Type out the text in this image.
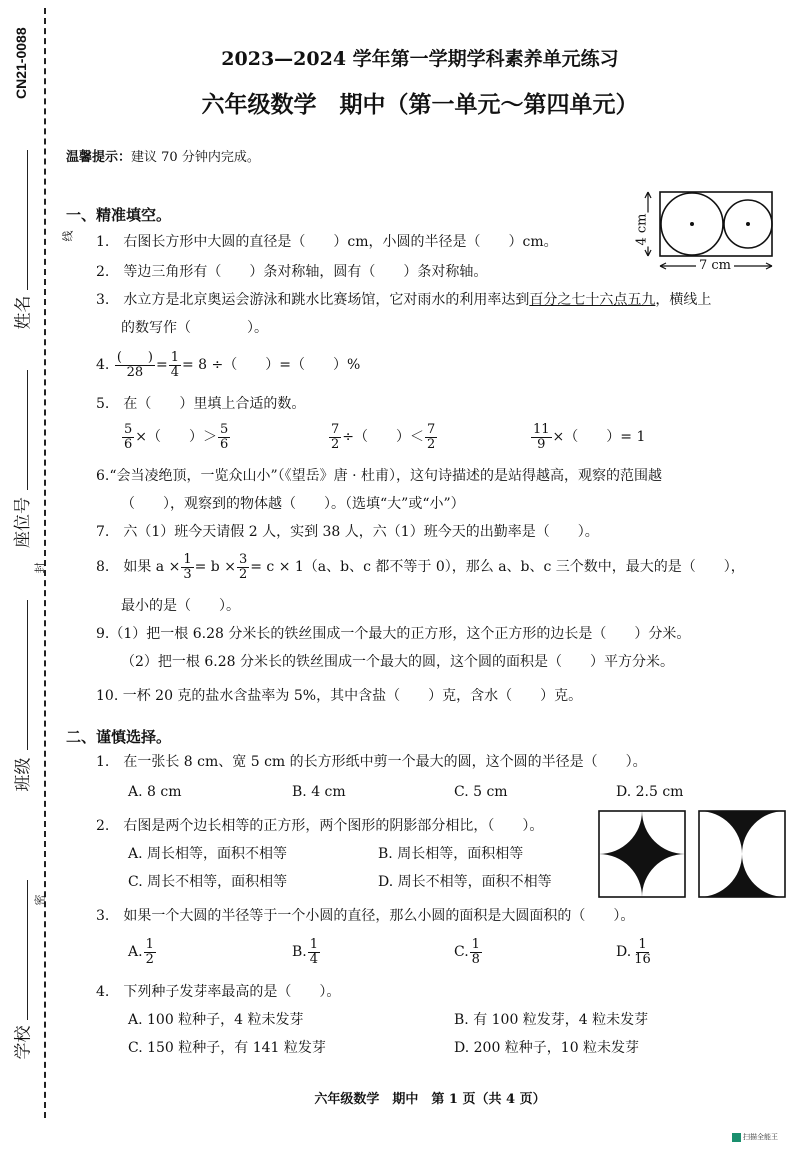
CN21-0088
姓名
座位号
班级
学校
线
封
密
2023—2024 学年第一学期学科素养单元练习
六年级数学　期中（第一单元～第四单元）
温馨提示：建议 70 分钟内完成。
4 cm
7 cm
一、精准填空。
1.　右图长方形中大圆的直径是（　　）cm，小圆的半径是（　　）cm。
2.　等边三角形有（　　）条对称轴，圆有（　　）条对称轴。
3.　水立方是北京奥运会游泳和跳水比赛场馆，它对雨水的利用率达到百分之七十六点五九，横线上
的数写作（　　　　）。
4. $\frac{( )}{28} = \frac{1}{4} = 8$ ÷（　　）=（　　）%
5.　在（　　）里填上合适的数。
$\frac{5}{6}$ ×（　　）＞ $\frac{5}{6}$	$\frac{7}{2}$ ÷（　　）＜ $\frac{7}{2}$	$\frac{11}{9}$ ×（　　）= 1
6.“会当凌绝顶，一览众山小”（《望岳》唐 · 杜甫），这句诗描述的是站得越高，观察的范围越
（　　），观察到的物体越（　　）。（选填“大”或“小”）
7.　六（1）班今天请假 2 人，实到 38 人，六（1）班今天的出勤率是（　　）。
8.　如果 $a \times \frac{1}{3} = b \times \frac{3}{2} = c \times 1(a$、b、c 都不等于 0），那么 a、b、c 三个数中，最大的是（　　），
最小的是（　　）。
9.（1）把一根 6.28 分米长的铁丝围成一个最大的正方形，这个正方形的边长是（　　）分米。
（2）把一根 6.28 分米长的铁丝围成一个最大的圆，这个圆的面积是（　　）平方分米。
10. 一杯 20 克的盐水含盐率为 5%，其中含盐（　　）克，含水（　　）克。
二、谨慎选择。
1.　在一张长 8 cm、宽 5 cm 的长方形纸中剪一个最大的圆，这个圆的半径是（　　）。
A. 8 cm	B. 4 cm	C. 5 cm	D. 2.5 cm
2.　右图是两个边长相等的正方形，两个图形的阴影部分相比，（　　）。
A. 周长相等，面积不相等	B. 周长相等，面积相等
C. 周长不相等，面积相等	D. 周长不相等，面积不相等
3.　如果一个大圆的半径等于一个小圆的直径，那么小圆的面积是大圆面积的（　　）。
A. $\frac{1}{2}$	B. $\frac{1}{4}$	C. $\frac{1}{8}$	D. $\frac{1}{16}$
4.　下列种子发芽率最高的是（　　）。
A. 100 粒种子，4 粒未发芽	B. 有 100 粒发芽，4 粒未发芽
C. 150 粒种子，有 141 粒发芽	D. 200 粒种子，10 粒未发芽
六年级数学　期中　第 1 页（共 4 页）
扫描全能王
